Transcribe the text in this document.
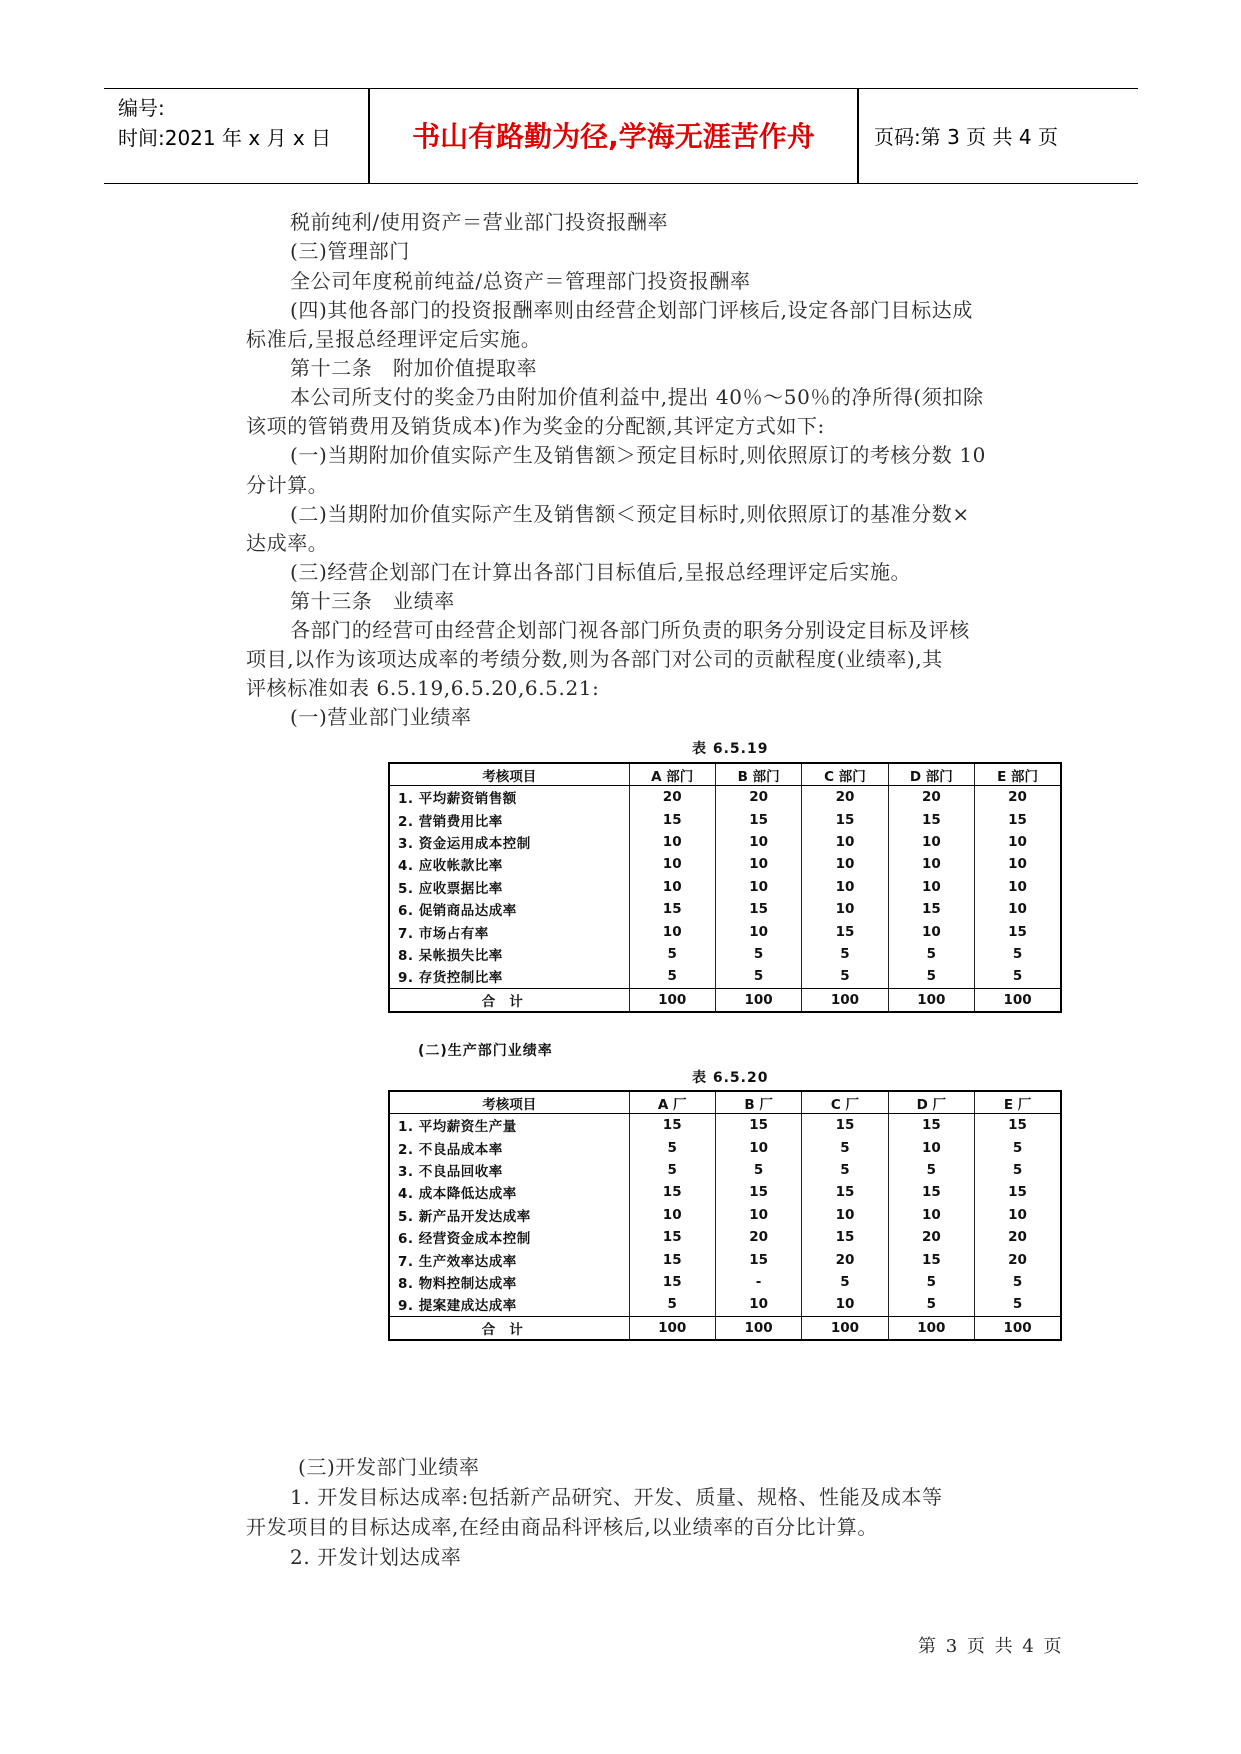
编号:
时间:2021 年 x 月 x 日	书山有路勤为径,学海无涯苦作舟	页码:第 3 页 共 4 页
税前纯利/使用资产＝营业部门投资报酬率
(三)管理部门
全公司年度税前纯益/总资产＝管理部门投资报酬率
(四)其他各部门的投资报酬率则由经营企划部门评核后,设定各部门目标达成
标准后,呈报总经理评定后实施。
第十二条　附加价值提取率
本公司所支付的奖金乃由附加价值利益中,提出 40％～50％的净所得(须扣除
该项的管销费用及销货成本)作为奖金的分配额,其评定方式如下:
(一)当期附加价值实际产生及销售额＞预定目标时,则依照原订的考核分数 10
分计算。
(二)当期附加价值实际产生及销售额＜预定目标时,则依照原订的基准分数×
达成率。
(三)经营企划部门在计算出各部门目标值后,呈报总经理评定后实施。
第十三条　业绩率
各部门的经营可由经营企划部门视各部门所负责的职务分别设定目标及评核
项目,以作为该项达成率的考绩分数,则为各部门对公司的贡献程度(业绩率),其
评核标准如表 6.5.19,6.5.20,6.5.21:
(一)营业部门业绩率
表 6.5.19
考核项目	A 部门	B 部门	C 部门	D 部门	E 部门
1. 平均薪资销售额	20	20	20	20	20
2. 营销费用比率	15	15	15	15	15
3. 资金运用成本控制	10	10	10	10	10
4. 应收帐款比率	10	10	10	10	10
5. 应收票据比率	10	10	10	10	10
6. 促销商品达成率	15	15	10	15	10
7. 市场占有率	10	10	15	10	15
8. 呆帐损失比率	5	5	5	5	5
9. 存货控制比率	5	5	5	5	5
合计	100	100	100	100	100
(二)生产部门业绩率
表 6.5.20
考核项目	A 厂	B 厂	C 厂	D 厂	E 厂
1. 平均薪资生产量	15	15	15	15	15
2. 不良品成本率	5	10	5	10	5
3. 不良品回收率	5	5	5	5	5
4. 成本降低达成率	15	15	15	15	15
5. 新产品开发达成率	10	10	10	10	10
6. 经营资金成本控制	15	20	15	20	20
7. 生产效率达成率	15	15	20	15	20
8. 物料控制达成率	15	-	5	5	5
9. 提案建成达成率	5	10	10	5	5
合计	100	100	100	100	100
(三)开发部门业绩率
1. 开发目标达成率:包括新产品研究、开发、质量、规格、性能及成本等
开发项目的目标达成率,在经由商品科评核后,以业绩率的百分比计算。
2. 开发计划达成率
第 3 页 共 4 页
